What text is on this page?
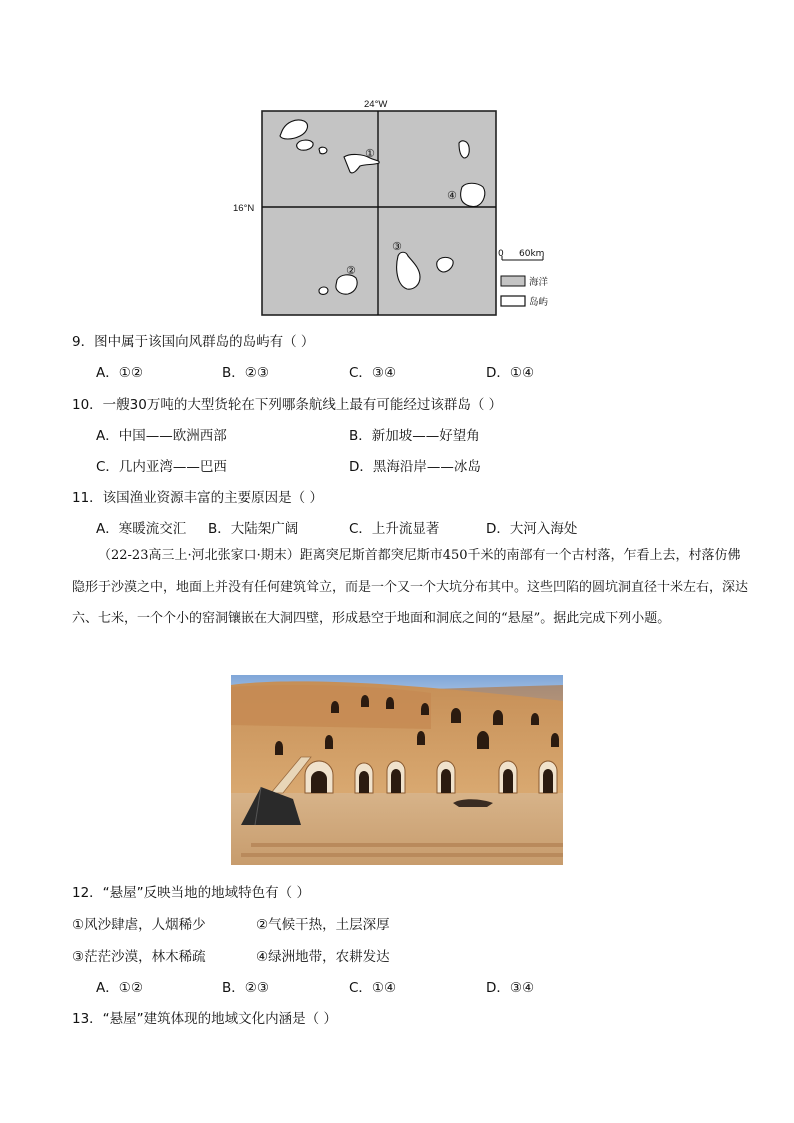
24°W
16°N
①
②
③
④
0 60km
海洋
岛屿
9．图中属于该国向风群岛的岛屿有（ ）
A．①②	B．②③	C．③④	D．①④
10．一艘30万吨的大型货轮在下列哪条航线上最有可能经过该群岛（ ）
A．中国——欧洲西部	B．新加坡——好望角
C．几内亚湾——巴西	D．黑海沿岸——冰岛
11．该国渔业资源丰富的主要原因是（ ）
A．寒暖流交汇 B．大陆架广阔	C．上升流显著	D．大河入海处
（22-23高三上·河北张家口·期末）距离突尼斯首都突尼斯市450千米的南部有一个古村落，乍看上去，村落仿佛隐形于沙漠之中，地面上并没有任何建筑耸立，而是一个又一个大坑分布其中。这些凹陷的圆坑洞直径十米左右，深达六、七米，一个个小的窑洞镶嵌在大洞四壁，形成悬空于地面和洞底之间的“悬屋”。据此完成下列小题。
12．“悬屋”反映当地的地域特色有（ ）
①风沙肆虐，人烟稀少	②气候干热，土层深厚
③茫茫沙漠，林木稀疏	④绿洲地带，农耕发达
A．①②	B．②③	C．①④	D．③④
13．“悬屋”建筑体现的地域文化内涵是（ ）
